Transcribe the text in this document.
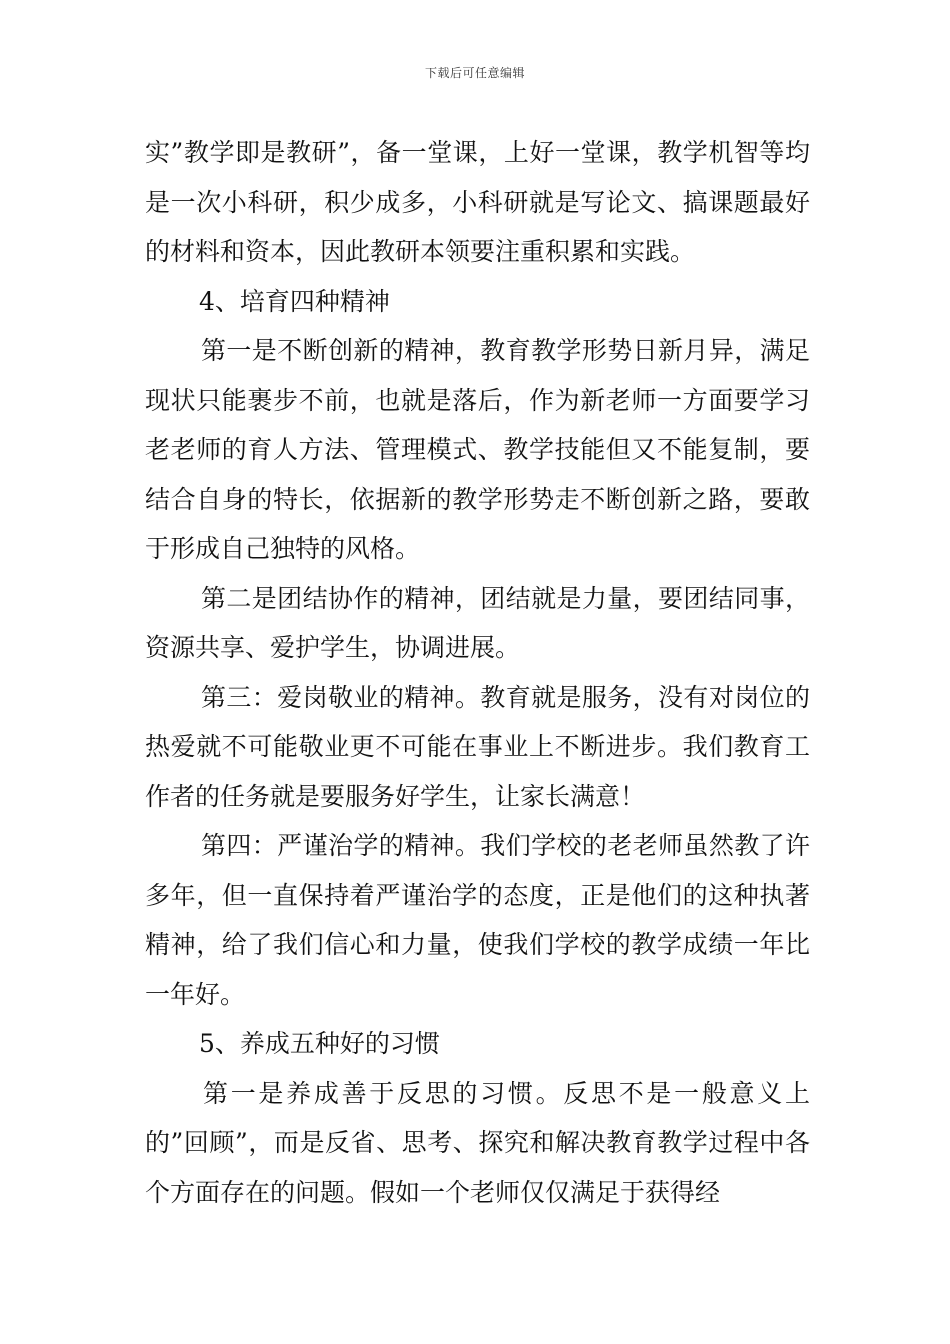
下载后可任意编辑

实”教学即是教研”，备一堂课，上好一堂课，教学机智等均是一次小科研，积少成多，小科研就是写论文、搞课题最好的材料和资本，因此教研本领要注重积累和实践。

4、培育四种精神

第一是不断创新的精神，教育教学形势日新月异，满足现状只能裹步不前，也就是落后，作为新老师一方面要学习老老师的育人方法、管理模式、教学技能但又不能复制，要结合自身的特长，依据新的教学形势走不断创新之路，要敢于形成自己独特的风格。

第二是团结协作的精神，团结就是力量，要团结同事，资源共享、爱护学生，协调进展。

第三：爱岗敬业的精神。教育就是服务，没有对岗位的热爱就不可能敬业更不可能在事业上不断进步。我们教育工作者的任务就是要服务好学生，让家长满意！

第四：严谨治学的精神。我们学校的老老师虽然教了许多年，但一直保持着严谨治学的态度，正是他们的这种执著精神，给了我们信心和力量，使我们学校的教学成绩一年比一年好。

5、养成五种好的习惯

第一是养成善于反思的习惯。反思不是一般意义上的”回顾”，而是反省、思考、探究和解决教育教学过程中各个方面存在的问题。假如一个老师仅仅满足于获得经
